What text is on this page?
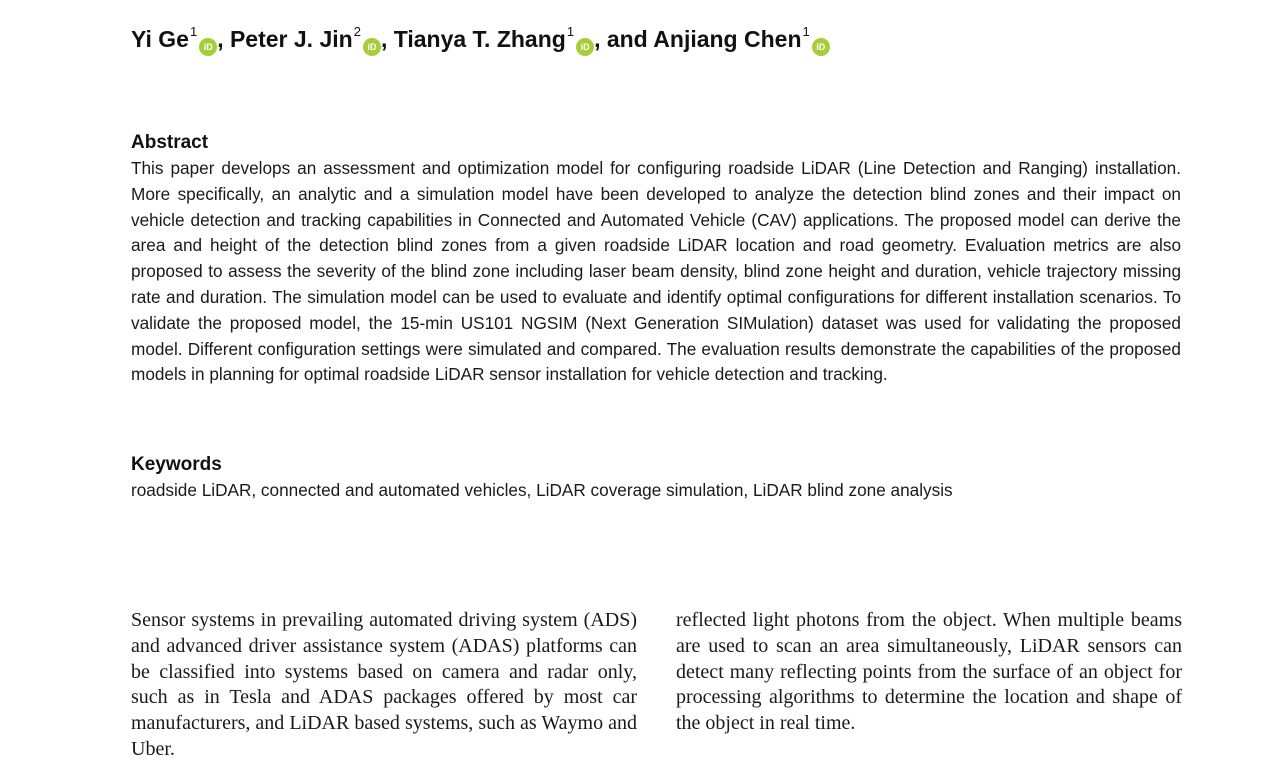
Yi Ge$^1$iD , Peter J. Jin$^2$iD , Tianya T. Zhang$^1$iD , and Anjiang Chen$^1$iD
Abstract
This paper develops an assessment and optimization model for configuring roadside LiDAR (Line Detection and Ranging) installation. More specifically, an analytic and a simulation model have been developed to analyze the detection blind zones and their impact on vehicle detection and tracking capabilities in Connected and Automated Vehicle (CAV) applications. The proposed model can derive the area and height of the detection blind zones from a given roadside LiDAR location and road geometry. Evaluation metrics are also proposed to assess the severity of the blind zone including laser beam density, blind zone height and duration, vehicle trajectory missing rate and duration. The simulation model can be used to evaluate and identify optimal configurations for different installation scenarios. To validate the proposed model, the 15-min US101 NGSIM (Next Generation SIMulation) dataset was used for validating the proposed model. Different configuration settings were simulated and compared. The evaluation results demonstrate the capabilities of the proposed models in planning for optimal roadside LiDAR sensor installation for vehicle detection and tracking.
Keywords
roadside LiDAR, connected and automated vehicles, LiDAR coverage simulation, LiDAR blind zone analysis
Sensor systems in prevailing automated driving system (ADS) and advanced driver assistance system (ADAS) platforms can be classified into systems based on camera and radar only, such as in Tesla and ADAS packages offered by most car manufacturers, and LiDAR based systems, such as Waymo and Uber.
reflected light photons from the object. When multiple beams are used to scan an area simultaneously, LiDAR sensors can detect many reflecting points from the surface of an object for processing algorithms to determine the location and shape of the object in real time.
